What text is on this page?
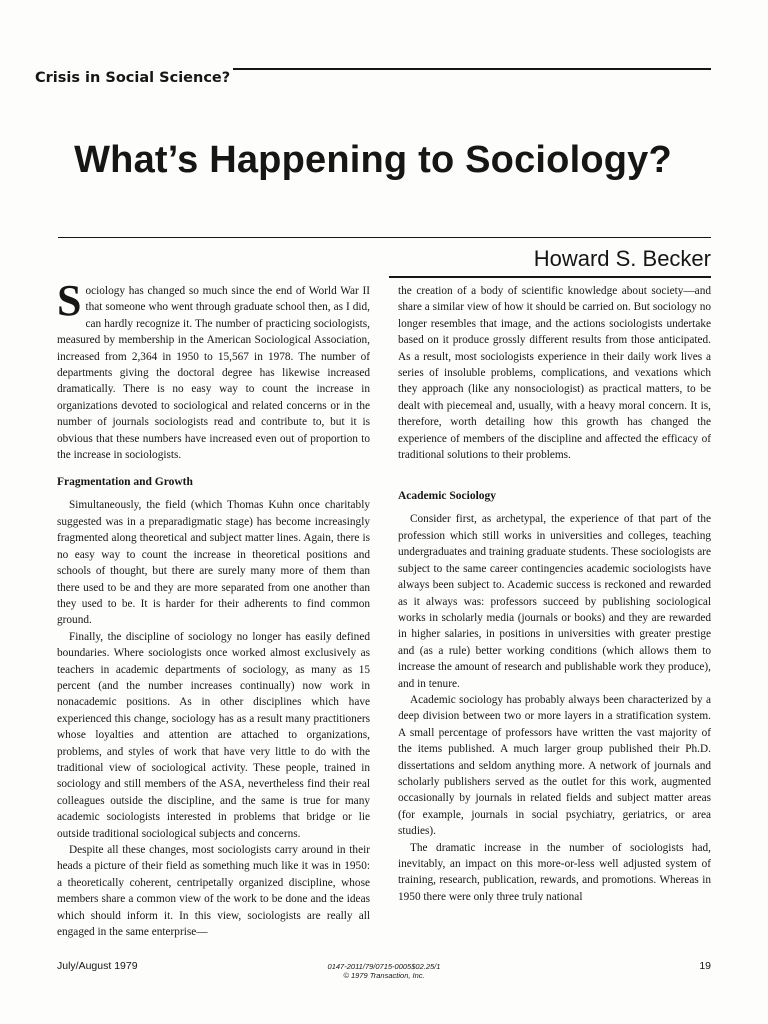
Crisis in Social Science?
What’s Happening to Sociology?
Howard S. Becker

Sociology has changed so much since the end of World War II that someone who went through graduate school then, as I did, can hardly recognize it. The number of practicing sociologists, measured by membership in the American Sociological Association, increased from 2,364 in 1950 to 15,567 in 1978. The number of departments giving the doctoral degree has likewise increased dramatically. There is no easy way to count the increase in organizations devoted to sociological and related concerns or in the number of journals sociologists read and contribute to, but it is obvious that these numbers have increased even out of proportion to the increase in sociologists.

Fragmentation and Growth

Simultaneously, the field (which Thomas Kuhn once charitably suggested was in a preparadigmatic stage) has become increasingly fragmented along theoretical and subject matter lines. Again, there is no easy way to count the increase in theoretical positions and schools of thought, but there are surely many more of them than there used to be and they are more separated from one another than they used to be. It is harder for their adherents to find common ground.

Finally, the discipline of sociology no longer has easily defined boundaries. Where sociologists once worked almost exclusively as teachers in academic departments of sociology, as many as 15 percent (and the number increases continually) now work in nonacademic positions. As in other disciplines which have experienced this change, sociology has as a result many practitioners whose loyalties and attention are attached to organizations, problems, and styles of work that have very little to do with the traditional view of sociological activity. These people, trained in sociology and still members of the ASA, nevertheless find their real colleagues outside the discipline, and the same is true for many academic sociologists interested in problems that bridge or lie outside traditional sociological subjects and concerns.

Despite all these changes, most sociologists carry around in their heads a picture of their field as something much like it was in 1950: a theoretically coherent, centripetally organized discipline, whose members share a common view of the work to be done and the ideas which should inform it. In this view, sociologists are really all engaged in the same enterprise—

the creation of a body of scientific knowledge about society—and share a similar view of how it should be carried on. But sociology no longer resembles that image, and the actions sociologists undertake based on it produce grossly different results from those anticipated. As a result, most sociologists experience in their daily work lives a series of insoluble problems, complications, and vexations which they approach (like any nonsociologist) as practical matters, to be dealt with piecemeal and, usually, with a heavy moral concern. It is, therefore, worth detailing how this growth has changed the experience of members of the discipline and affected the efficacy of traditional solutions to their problems.

Academic Sociology

Consider first, as archetypal, the experience of that part of the profession which still works in universities and colleges, teaching undergraduates and training graduate students. These sociologists are subject to the same career contingencies academic sociologists have always been subject to. Academic success is reckoned and rewarded as it always was: professors succeed by publishing sociological works in scholarly media (journals or books) and they are rewarded in higher salaries, in positions in universities with greater prestige and (as a rule) better working conditions (which allows them to increase the amount of research and publishable work they produce), and in tenure.

Academic sociology has probably always been characterized by a deep division between two or more layers in a stratification system. A small percentage of professors have written the vast majority of the items published. A much larger group published their Ph.D. dissertations and seldom anything more. A network of journals and scholarly publishers served as the outlet for this work, augmented occasionally by journals in related fields and subject matter areas (for example, journals in social psychiatry, geriatrics, or area studies).

The dramatic increase in the number of sociologists had, inevitably, an impact on this more-or-less well adjusted system of training, research, publication, rewards, and promotions. Whereas in 1950 there were only three truly national

July/August 1979	0147-2011/79/0715-0005$02.25/1
© 1979 Transaction, Inc.
19
